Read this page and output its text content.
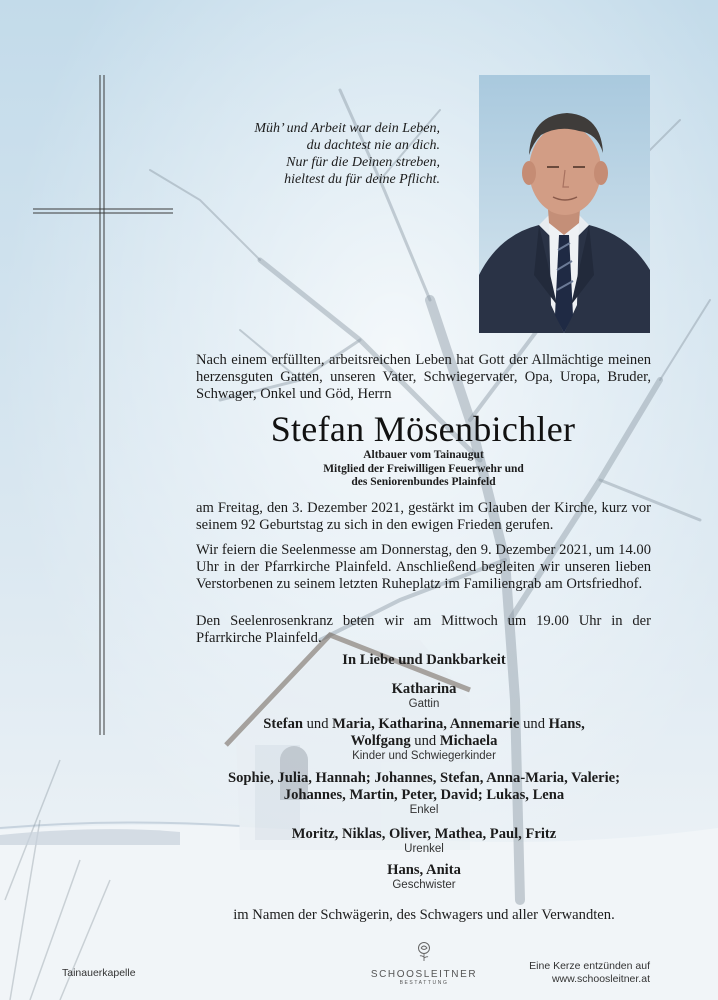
Müh’ und Arbeit war dein Leben,
du dachtest nie an dich.
Nur für die Deinen streben,
hieltest du für deine Pflicht.
Nach einem erfüllten, arbeitsreichen Leben hat Gott der Allmächtige meinen herzensguten Gatten, unseren Vater, Schwiegervater, Opa, Uropa, Bruder, Schwager, Onkel und Göd, Herrn
Stefan Mösenbichler
Altbauer vom Tainaugut
Mitglied der Freiwilligen Feuerwehr und
des Seniorenbundes Plainfeld
am Freitag, den 3. Dezember 2021, gestärkt im Glauben der Kirche, kurz vor seinem 92 Geburtstag zu sich in den ewigen Frieden gerufen.
Wir feiern die Seelenmesse am Donnerstag, den 9. Dezember 2021, um 14.00 Uhr in der Pfarrkirche Plainfeld. Anschließend begleiten wir unseren lieben Verstorbenen zu seinem letzten Ruheplatz im Familiengrab am Ortsfriedhof.
Den Seelenrosenkranz beten wir am Mittwoch um 19.00 Uhr in der Pfarrkirche Plainfeld.
In Liebe und Dankbarkeit
Katharina
Gattin
Stefan und Maria, Katharina, Annemarie und Hans,
Wolfgang und Michaela
Kinder und Schwiegerkinder
Sophie, Julia, Hannah; Johannes, Stefan, Anna-Maria, Valerie;
Johannes, Martin, Peter, David; Lukas, Lena
Enkel
Moritz, Niklas, Oliver, Mathea, Paul, Fritz
Urenkel
Hans, Anita
Geschwister
im Namen der Schwägerin, des Schwagers und aller Verwandten.
Tainauerkapelle	SCHOOSLEITNER
BESTATTUNG
Eine Kerze entzünden auf
www.schoosleitner.at
